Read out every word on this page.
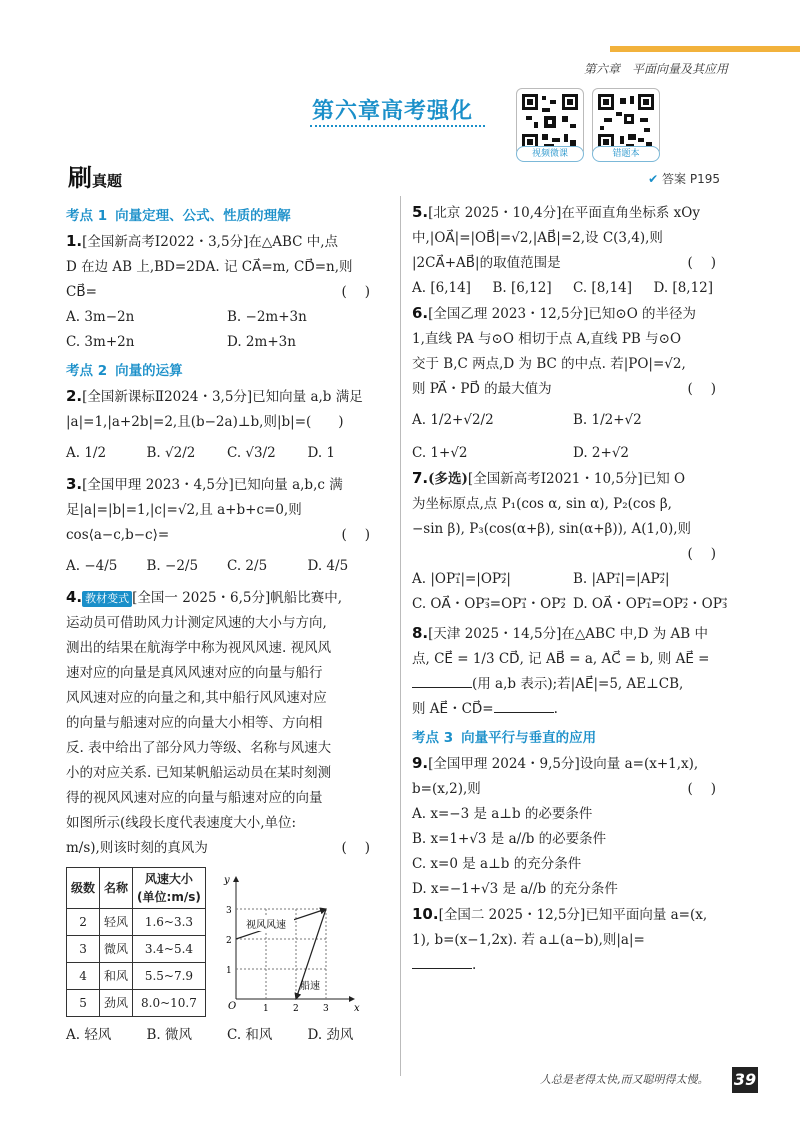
第六章　平面向量及其应用
第六章高考强化
视频微课	错题本
刷真题	✔ 答案 P195
考点 1 向量定理、公式、性质的理解
1.[全国新高考Ⅰ2022・3,5分]在△ABC 中,点
D 在边 AB 上,BD=2DA. 记 CA⃗=m, CD⃗=n,则
CB⃗=	()
A. 3m−2n	B. −2m+3n
C. 3m+2n	D. 2m+3n
考点 2 向量的运算
2.[全国新课标Ⅱ2024・3,5分]已知向量 a,b 满足
|a|=1,|a+2b|=2,且(b−2a)⊥b,则|b|=(　　)
A. 1/2	B. √2/2	C. √3/2	D. 1
3.[全国甲理 2023・4,5分]已知向量 a,b,c 满
足|a|=|b|=1,|c|=√2,且 a+b+c=0,则
cos⟨a−c,b−c⟩=	()
A. −4/5	B. −2/5	C. 2/5	D. 4/5
4. 教材变式 [全国一 2025・6,5分]帆船比赛中,
运动员可借助风力计测定风速的大小与方向,
测出的结果在航海学中称为视风风速. 视风风
速对应的向量是真风风速对应的向量与船行
风风速对应的向量之和,其中船行风风速对应
的向量与船速对应的向量大小相等、方向相
反. 表中给出了部分风力等级、名称与风速大
小的对应关系. 已知某帆船运动员在某时刻测
得的视风风速对应的向量与船速对应的向量
如图所示(线段长度代表速度大小,单位:
m/s),则该时刻的真风为	()
级数	名称	风速大小
(单位:m/s)
2	轻风	1.6~3.3
3	微风	3.4~5.4
4	和风	5.5~7.9
5	劲风	8.0~10.7	O
y
x
1
2
3
1	2	3
视风风速
船速
A. 轻风	B. 微风	C. 和风	D. 劲风
5.[北京 2025・10,4分]在平面直角坐标系 xOy
中,|OA⃗|=|OB⃗|=√2,|AB⃗|=2,设 C(3,4),则
|2CA⃗+AB⃗|的取值范围是	()
A. [6,14]	B. [6,12]	C. [8,14]	D. [8,12]
6.[全国乙理 2023・12,5分]已知⊙O 的半径为
1,直线 PA 与⊙O 相切于点 A,直线 PB 与⊙O
交于 B,C 两点,D 为 BC 的中点. 若|PO|=√2,
则 PA⃗・PD⃗ 的最大值为	()
A. 1/2+√2/2	B. 1/2+√2
C. 1+√2	D. 2+√2
7.(多选)[全国新高考Ⅰ2021・10,5分]已知 O
为坐标原点,点 P₁(cos α, sin α), P₂(cos β,
−sin β), P₃(cos(α+β), sin(α+β)), A(1,0),则
()
A. |OP₁⃗|=|OP₂⃗|	B. |AP₁⃗|=|AP₂⃗|
C. OA⃗・OP₃⃗=OP₁⃗・OP₂⃗ D. OA⃗・OP₁⃗=OP₂⃗・OP₃⃗
8.[天津 2025・14,5分]在△ABC 中,D 为 AB 中
点, CE⃗ = 1/3 CD⃗, 记 AB⃗ = a, AC⃗ = b, 则 AE⃗ =
(用 a,b 表示);若|AE⃗|=5, AE⊥CB,
则 AE⃗・CD⃗=	.
考点 3 向量平行与垂直的应用
9.[全国甲理 2024・9,5分]设向量 a=(x+1,x),
b=(x,2),则	()
A. x=−3 是 a⊥b 的必要条件
B. x=1+√3 是 a//b 的必要条件
C. x=0 是 a⊥b 的充分条件
D. x=−1+√3 是 a//b 的充分条件
10.[全国二 2025・12,5分]已知平面向量 a=(x,
1), b=(x−1,2x). 若 a⊥(a−b),则|a|=
.
人总是老得太快,而又聪明得太慢。 39
